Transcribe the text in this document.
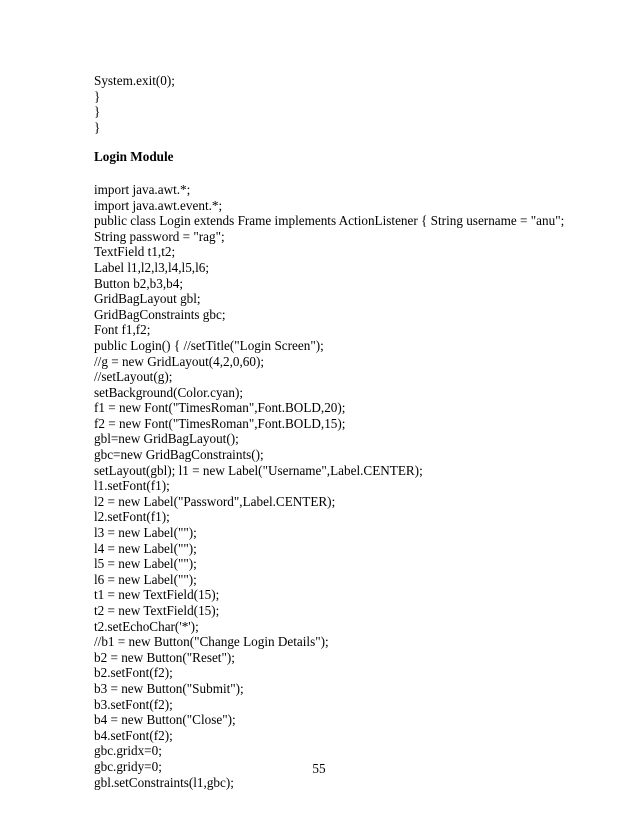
System.exit(0);
}
}
}
Login Module
import java.awt.*;
import java.awt.event.*;
public class Login extends Frame implements ActionListener { String username = "anu";
String password = "rag";
TextField t1,t2;
Label l1,l2,l3,l4,l5,l6;
Button b2,b3,b4;
GridBagLayout gbl;
GridBagConstraints gbc;
Font f1,f2;
public Login() { //setTitle("Login Screen");
//g = new GridLayout(4,2,0,60);
//setLayout(g);
setBackground(Color.cyan);
f1 = new Font("TimesRoman",Font.BOLD,20);
f2 = new Font("TimesRoman",Font.BOLD,15);
gbl=new GridBagLayout();
gbc=new GridBagConstraints();
setLayout(gbl); l1 = new Label("Username",Label.CENTER);
l1.setFont(f1);
l2 = new Label("Password",Label.CENTER);
l2.setFont(f1);
l3 = new Label("");
l4 = new Label("");
l5 = new Label("");
l6 = new Label("");
t1 = new TextField(15);
t2 = new TextField(15);
t2.setEchoChar('*');
//b1 = new Button("Change Login Details");
b2 = new Button("Reset");
b2.setFont(f2);
b3 = new Button("Submit");
b3.setFont(f2);
b4 = new Button("Close");
b4.setFont(f2);
gbc.gridx=0;
gbc.gridy=0;
gbl.setConstraints(l1,gbc);
55
